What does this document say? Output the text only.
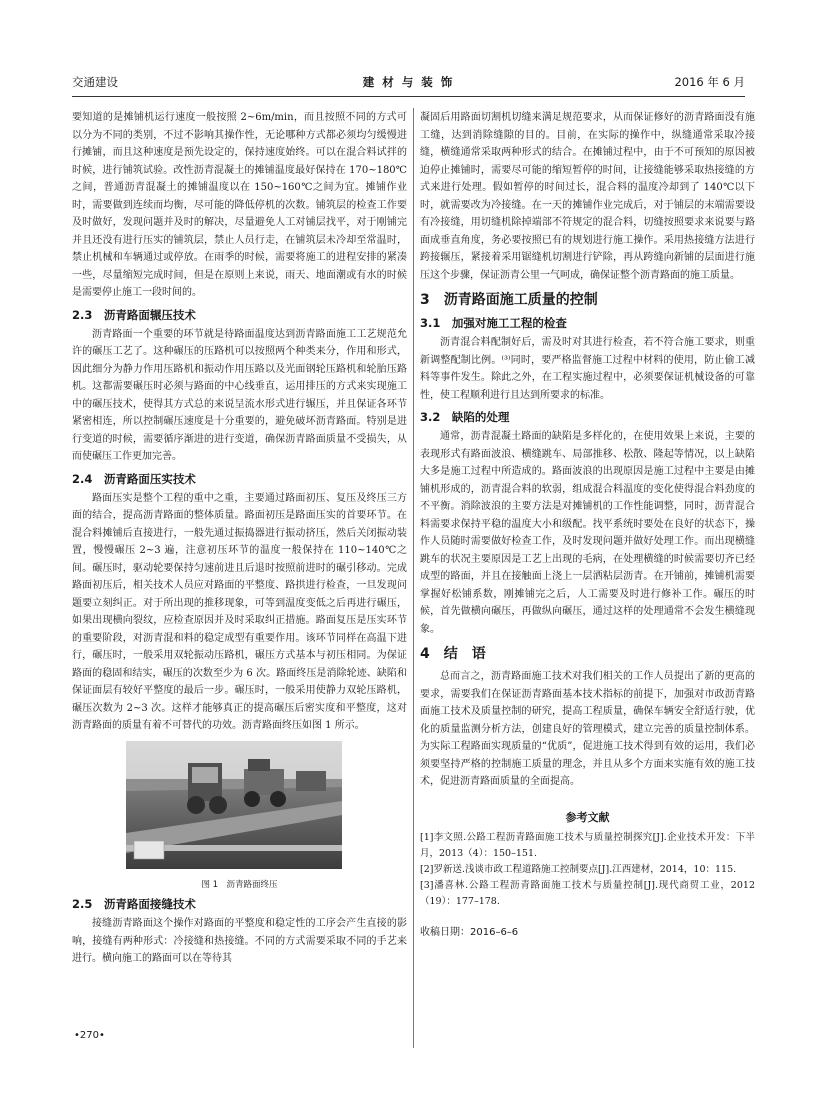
交通建设	建 材 与 装 饰	2016 年 6 月

要知道的是摊铺机运行速度一般按照 2~6m/min，而且按照不同的方式可以分为不同的类别，不过不影响其操作性，无论哪种方式都必须均匀缓慢进行摊铺，而且这种速度是预先设定的，保持速度始终。可以在混合料试拌的时候，进行铺筑试验。改性沥青混凝土的摊铺温度最好保持在 170~180℃之间，普通沥青混凝土的摊铺温度以在 150~160℃之间为宜。摊铺作业时，需要做到连续而均衡，尽可能的降低停机的次数。铺筑层的检查工作要及时做好，发现问题并及时的解决，尽量避免人工对铺层找平，对于刚铺完并且还没有进行压实的铺筑层，禁止人员行走，在铺筑层未冷却至常温时，禁止机械和车辆通过或停放。在雨季的时候，需要将施工的进程安排的紧凑一些，尽量缩短完成时间，但是在原则上来说，雨天、地面潮或有水的时候是需要停止施工一段时间的。

2.3　沥青路面辗压技术

沥青路面一个重要的环节就是待路面温度达到沥青路面施工工艺规范允许的碾压工艺了。这种碾压的压路机可以按照两个种类来分，作用和形式，因此细分为静力作用压路机和振动作用压路以及光面钢轮压路机和轮胎压路机。这都需要碾压时必须与路面的中心线垂直，运用排压的方式来实现施工中的碾压技术，使得其方式总的来说呈流水形式进行辗压，并且保证各环节紧密相连，所以控制碾压速度是十分重要的，避免破坏沥青路面。特别是进行变道的时候，需要循序渐进的进行变道，确保沥青路面质量不受损失，从而使碾压工作更加完善。

2.4　沥青路面压实技术

路面压实是整个工程的重中之重，主要通过路面初压、复压及终压三方面的结合，提高沥青路面的整体质量。路面初压是路面压实的首要环节。在混合料摊铺后直接进行，一般先通过振捣器进行振动挤压，然后关闭振动装置，慢慢碾压 2~3 遍，注意初压环节的温度一般保持在 110~140℃之间。碾压时，驱动轮要保持匀速前进且后退时按照前进时的碾引移动。完成路面初压后，相关技术人员应对路面的平整度、路拱进行检查，一旦发现问题要立刻纠正。对于所出现的推移现象，可等到温度变低之后再进行碾压，如果出现横向裂纹，应检查原因并及时采取纠正措施。路面复压是压实环节的重要阶段，对沥青混和料的稳定成型有重要作用。该环节同样在高温下进行，碾压时，一般采用双轮振动压路机，碾压方式基本与初压相同。为保证路面的稳固和结实，碾压的次数至少为 6 次。路面终压是消除轮迹、缺陷和保证面层有较好平整度的最后一步。碾压时，一般采用使静力双轮压路机，碾压次数为 2~3 次。这样才能够真正的提高碾压后密实度和平整度，这对沥青路面的质量有着不可替代的功效。沥青路面终压如图 1 所示。

图 1　沥青路面终压
2.5　沥青路面接缝技术

接缝沥青路面这个操作对路面的平整度和稳定性的工序会产生直接的影响，接缝有两种形式：冷接缝和热接缝。不同的方式需要采取不同的手艺来进行。横向施工的路面可以在等待其

凝固后用路面切割机切缝来满足规范要求，从而保证修好的沥青路面没有施工缝，达到消除缝隙的目的。目前，在实际的操作中，纵缝通常采取冷接缝，横缝通常采取两种形式的结合。在摊铺过程中，由于不可预知的原因被迫停止摊铺时，需要尽可能的缩短暂停的时间，让接缝能够采取热接缝的方式来进行处理。假如暂停的时间过长，混合料的温度冷却到了 140℃以下时，就需要改为冷接缝。在一天的摊铺作业完成后，对于铺层的末端需要设有冷接缝，用切缝机除掉端部不符规定的混合料，切缝按照要求来说要与路面成垂直角度，务必要按照已有的规划进行施工操作。采用热接缝方法进行跨接辗压，紧接着采用锯缝机切割进行铲除，再从跨缝向新铺的层面进行施压这个步骤，保证沥青公里一气呵成，确保证整个沥青路面的施工质量。

3　沥青路面施工质量的控制
3.1　加强对施工工程的检查

沥青混合料配制好后，需及时对其进行检查，若不符合施工要求，则重新调整配制比例。⁽³⁾同时，要严格监督施工过程中材料的使用，防止偷工减料等事件发生。除此之外，在工程实施过程中，必须要保证机械设备的可靠性，使工程顺利进行且达到所要求的标准。

3.2　缺陷的处理

通常，沥青混凝土路面的缺陷是多样化的，在使用效果上来说，主要的表现形式有路面波浪、横缝跳车、局部推移、松散、隆起等情况，以上缺陷大多是施工过程中所造成的。路面波浪的出现原因是施工过程中主要是由摊铺机形成的，沥青混合料的软弱，组成混合料温度的变化使得混合料劲度的不平衡。消除波浪的主要方法是对摊铺机的工作性能调整，同时，沥青混合料需要求保持平稳的温度大小和级配。找平系统时要处在良好的状态下，操作人员随时需要做好检查工作，及时发现问题并做好处理工作。而出现横缝跳车的状况主要原因是工艺上出现的毛病，在处理横缝的时候需要切齐已经成型的路面，并且在接触面上浇上一层洒粘层沥青。在开铺前，摊铺机需要掌握好松铺系数，刚摊铺完之后，人工需要及时进行修补工作。碾压的时候，首先做横向碾压，再做纵向碾压，通过这样的处理通常不会发生横缝现象。

4　结　语

总而言之，沥青路面施工技术对我们相关的工作人员提出了新的更高的要求，需要我们在保证沥青路面基本技术指标的前提下，加强对市政沥青路面施工技术及质量控制的研究，提高工程质量，确保车辆安全舒适行驶，优化的质量监测分析方法，创建良好的管理模式，建立完善的质量控制体系。为实际工程路面实现质量的“优质”，促进施工技术得到有效的运用，我们必须要坚持严格的控制施工质量的理念，并且从多个方面来实施有效的施工技术，促进沥青路面质量的全面提高。

参考文献

[1]李文照.公路工程沥青路面施工技术与质量控制探究[J].企业技术开发：下半月，2013（4）：150–151.

[2]罗新送.浅谈市政工程道路施工控制要点[J].江西建材，2014，10：115.

[3]潘喜林.公路工程沥青路面施工技术与质量控制[J].现代商贸工业，2012（19）：177–178.

收稿日期：2016–6–6

•270•
